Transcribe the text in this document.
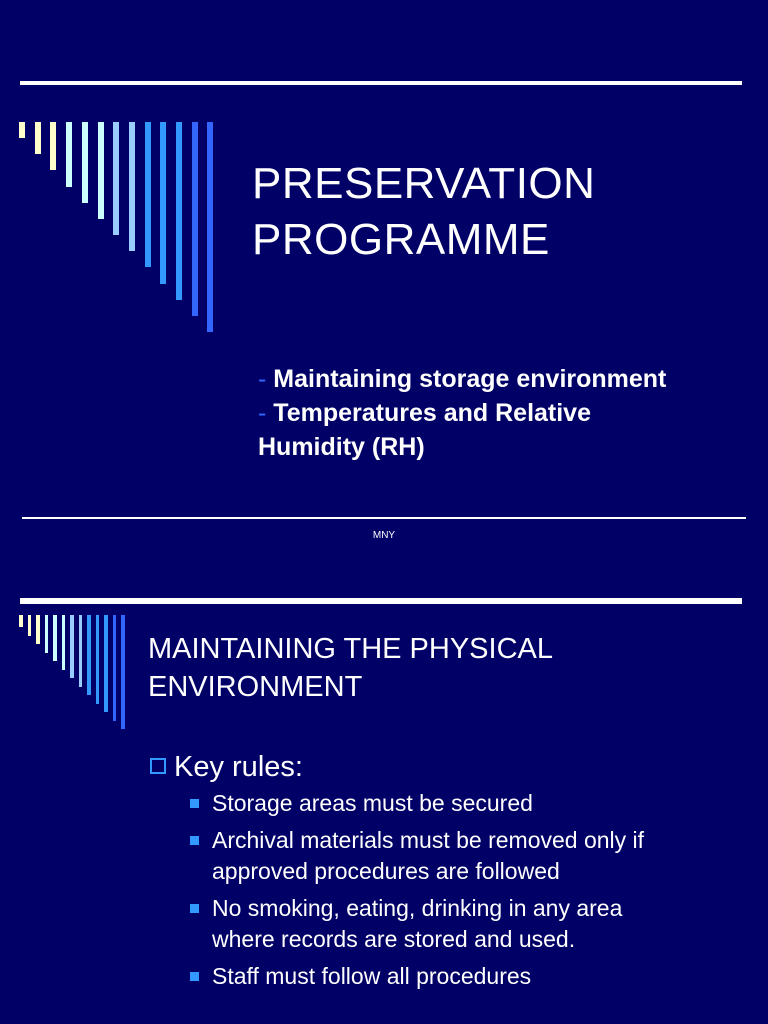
PRESERVATION
PROGRAMME
- Maintaining storage environment
- Temperatures and Relative
Humidity (RH)
MNY
MAINTAINING THE PHYSICAL
ENVIRONMENT
Key rules:
Storage areas must be secured
Archival materials must be removed only if
approved procedures are followed
No smoking, eating, drinking in any area
where records are stored and used.
Staff must follow all procedures
